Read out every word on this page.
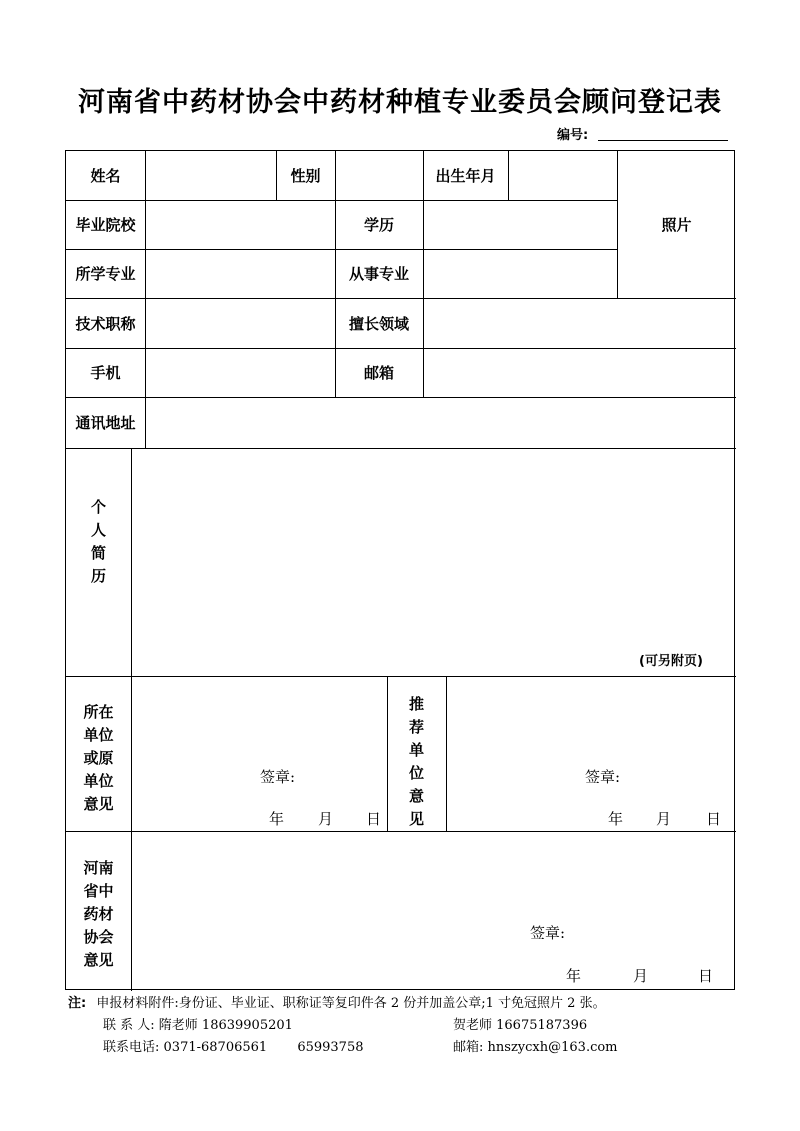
河南省中药材协会中药材种植专业委员会顾问登记表
编号:
姓名	性别	出生年月
照片
毕业院校	学历
所学专业	从事专业
技术职称	擅长领域
手机	邮箱
通讯地址
个
人
简
历
(可另附页)
所在
单位
或原
单位
意见
签章:
年 月 日
推
荐
单
位
意
见
签章:
年 月 日
河南
省中
药材
协会
意见
签章:
年	月	日
注: 申报材料附件:身份证、毕业证、职称证等复印件各 2 份并加盖公章;1 寸免冠照片 2 张。
联 系 人: 隋老师 18639905201	贺老师 16675187396
联系电话: 0371-68706561 65993758	邮箱: hnszycxh@163.com
